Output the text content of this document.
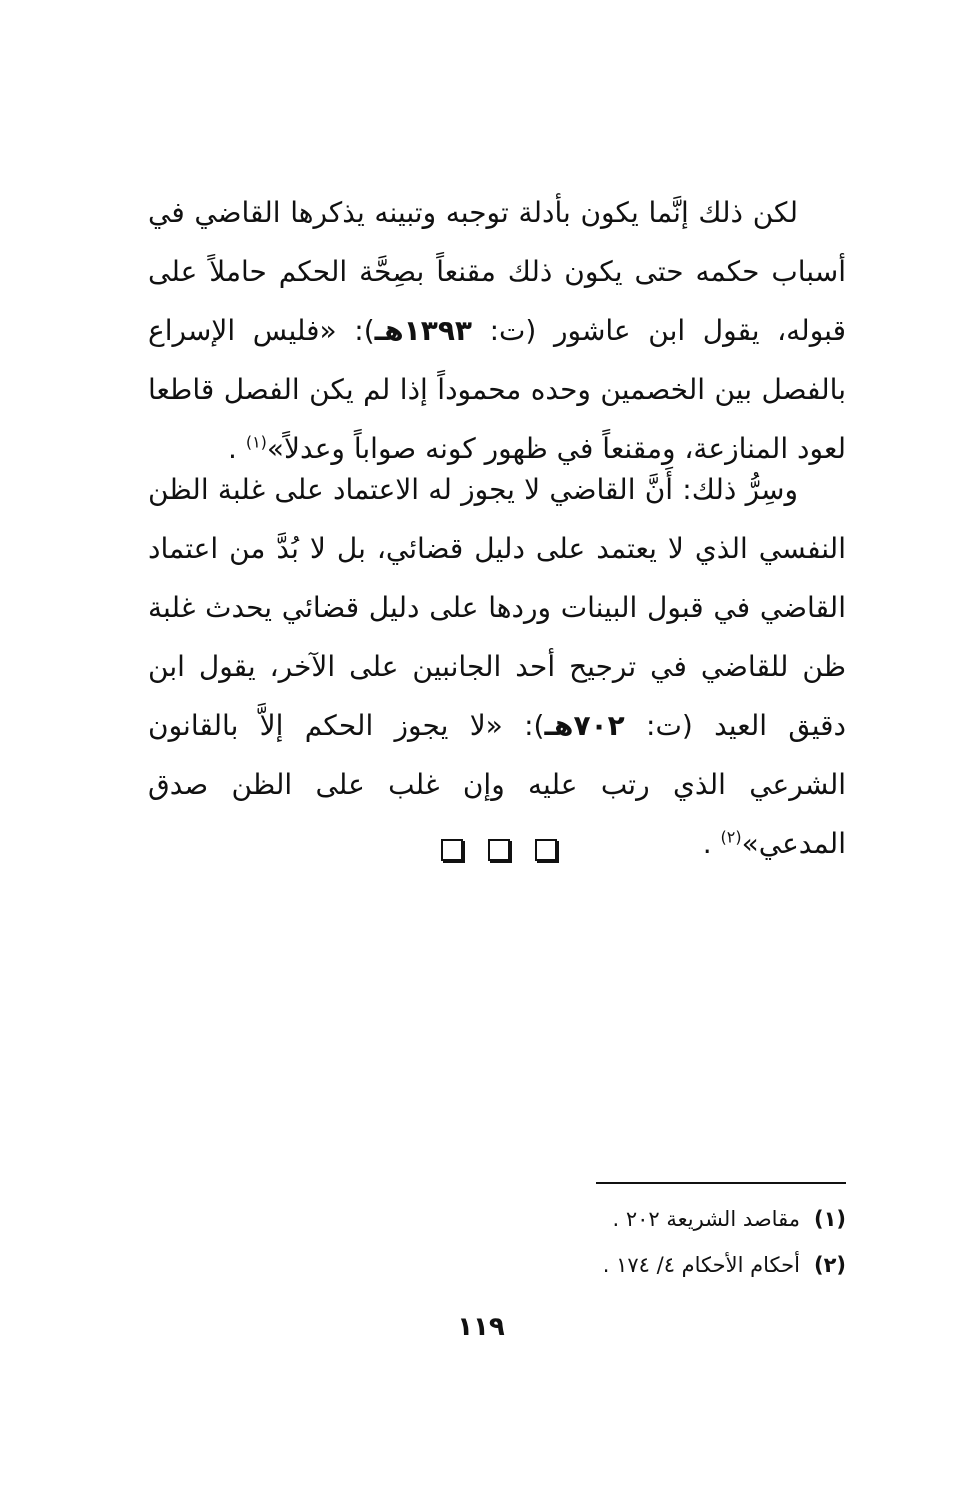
لكن ذلك إنَّما يكون بأدلة توجبه وتبينه يذكرها القاضي في أسباب حكمه حتى يكون ذلك مقنعاً بصِحَّة الحكم حاملاً على قبوله، يقول ابن عاشور (ت: ١٣٩٣هـ): «فليس الإسراع بالفصل بين الخصمين وحده محموداً إذا لم يكن الفصل قاطعا لعود المنازعة، ومقنعاً في ظهور كونه صواباً وعدلاً»$^{(١)}$ .

وسِرُّ ذلك: أَنَّ القاضي لا يجوز له الاعتماد على غلبة الظن النفسي الذي لا يعتمد على دليل قضائي، بل لا بُدَّ من اعتماد القاضي في قبول البينات وردها على دليل قضائي يحدث غلبة ظن للقاضي في ترجيح أحد الجانبين على الآخر، يقول ابن دقيق العيد (ت: ٧٠٢هـ): «لا يجوز الحكم إلاَّ بالقانون الشرعي الذي رتب عليه وإن غلب على الظن صدق المدعي»$^{(٢)}$ .

(١)مقاصد الشريعة ٢٠٢ .

(٢)أحكام الأحكام ٤/ ١٧٤ .

١١٩
